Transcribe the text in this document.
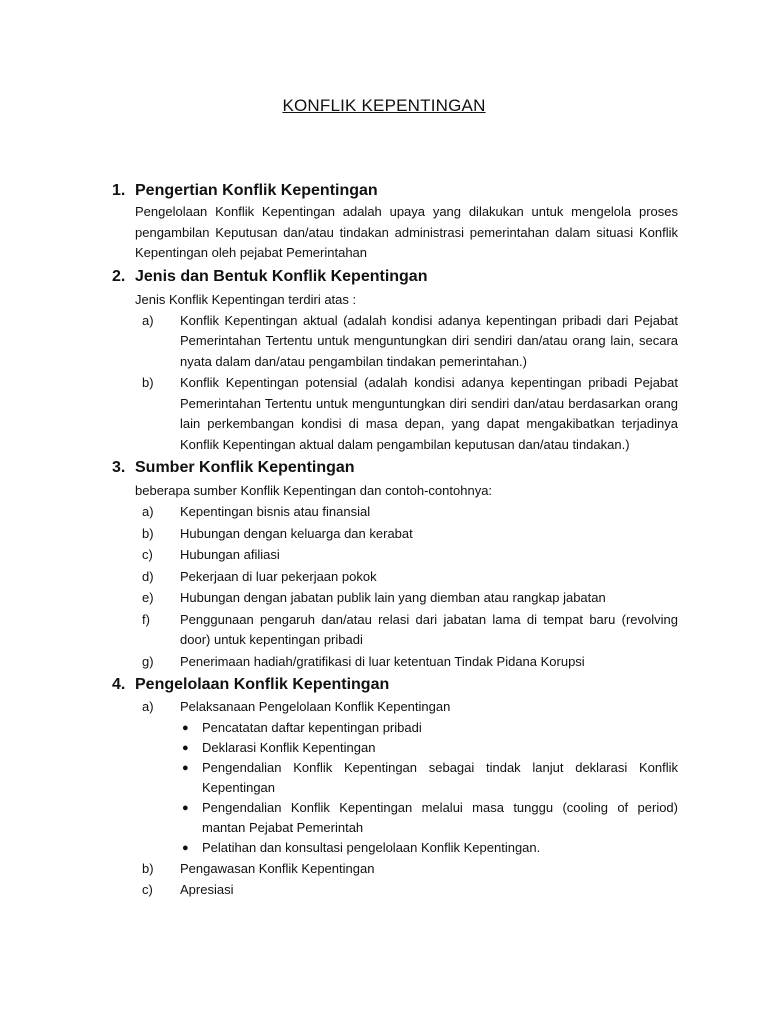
KONFLIK KEPENTINGAN
1. Pengertian Konflik Kepentingan
Pengelolaan Konflik Kepentingan adalah upaya yang dilakukan untuk mengelola proses pengambilan Keputusan dan/atau tindakan administrasi pemerintahan dalam situasi Konflik Kepentingan oleh pejabat Pemerintahan
2. Jenis dan Bentuk Konflik Kepentingan
Jenis Konflik Kepentingan terdiri atas :
a)	Konflik Kepentingan aktual (adalah kondisi adanya kepentingan pribadi dari Pejabat Pemerintahan Tertentu untuk menguntungkan diri sendiri dan/atau orang lain, secara nyata dalam dan/atau pengambilan tindakan pemerintahan.)
b)	Konflik Kepentingan potensial (adalah kondisi adanya kepentingan pribadi Pejabat Pemerintahan Tertentu untuk menguntungkan diri sendiri dan/atau berdasarkan orang lain perkembangan kondisi di masa depan, yang dapat mengakibatkan terjadinya Konflik Kepentingan aktual dalam pengambilan keputusan dan/atau tindakan.)
3. Sumber Konflik Kepentingan
beberapa sumber Konflik Kepentingan dan contoh-contohnya:
a)	Kepentingan bisnis atau finansial
b)	Hubungan dengan keluarga dan kerabat
c)	Hubungan afiliasi
d)	Pekerjaan di luar pekerjaan pokok
e)	Hubungan dengan jabatan publik lain yang diemban atau rangkap jabatan
f)	Penggunaan pengaruh dan/atau relasi dari jabatan lama di tempat baru (revolving door) untuk kepentingan pribadi
g)	Penerimaan hadiah/gratifikasi di luar ketentuan Tindak Pidana Korupsi
4. Pengelolaan Konflik Kepentingan
a)	Pelaksanaan Pengelolaan Konflik Kepentingan
●	Pencatatan daftar kepentingan pribadi
●	Deklarasi Konflik Kepentingan
●	Pengendalian Konflik Kepentingan sebagai tindak lanjut deklarasi Konflik Kepentingan
●	Pengendalian Konflik Kepentingan melalui masa tunggu (cooling of period) mantan Pejabat Pemerintah
●	Pelatihan dan konsultasi pengelolaan Konflik Kepentingan.
b)	Pengawasan Konflik Kepentingan
c)	Apresiasi
